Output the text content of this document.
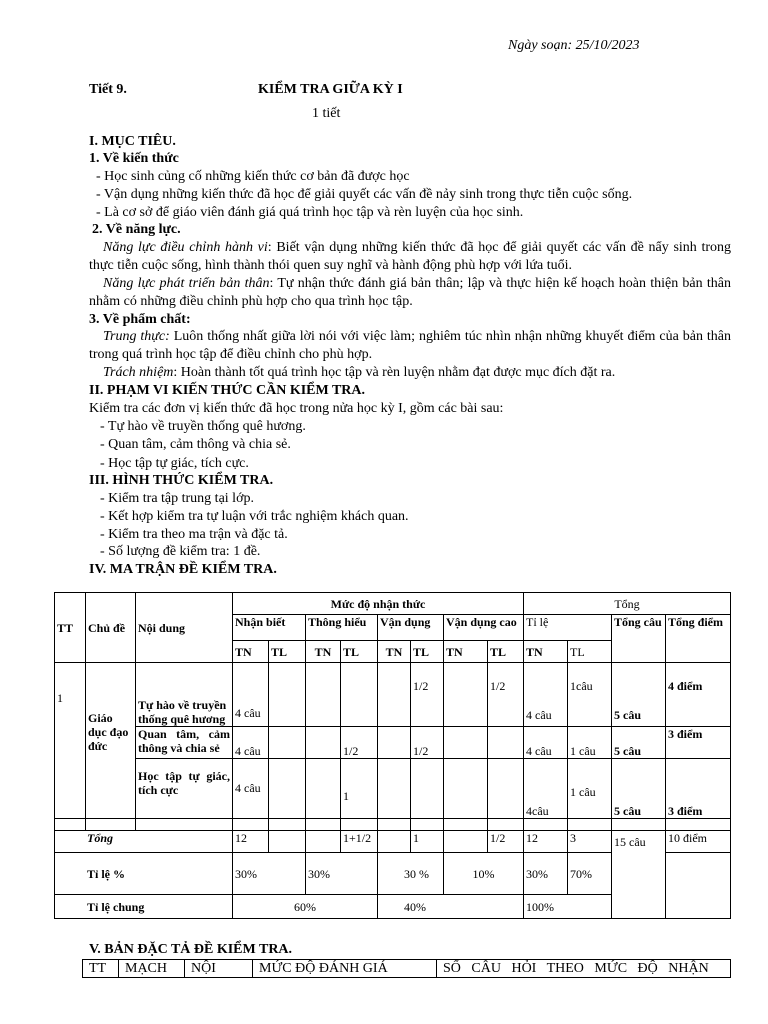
Ngày soạn: 25/10/2023
Tiết 9.	KIỂM TRA GIỮA KỲ I
1 tiết
I. MỤC TIÊU.
1. Về kiến thức
- Học sinh củng cố những kiến thức cơ bản đã được học
- Vận dụng những kiến thức đã học để giải quyết các vấn đề nảy sinh trong thực tiễn cuộc sống.
- Là cơ sở để giáo viên đánh giá quá trình học tập và rèn luyện của học sinh.
2. Về năng lực.
Năng lực điều chỉnh hành vi: Biết vận dụng những kiến thức đã học để giải quyết các vấn đề nẩy sinh trong thực tiễn cuộc sống, hình thành thói quen suy nghĩ và hành động phù hợp với lứa tuổi.
Năng lực phát triển bản thân: Tự nhận thức đánh giá bản thân; lập và thực hiện kế hoạch hoàn thiện bản thân nhằm có những điều chỉnh phù hợp cho qua trình học tập.
3. Về phẩm chất:
Trung thực: Luôn thống nhất giữa lời nói với việc làm; nghiêm túc nhìn nhận những khuyết điểm của bản thân trong quá trình học tập để điều chỉnh cho phù hợp.
Trách nhiệm: Hoàn thành tốt quá trình học tập và rèn luyện nhằm đạt được mục đích đặt ra.
II. PHẠM VI KIẾN THỨC CẦN KIỂM TRA.
Kiểm tra các đơn vị kiến thức đã học trong nửa học kỳ I, gồm các bài sau:
- Tự hào về truyền thống quê hương.
- Quan tâm, cảm thông và chia sẻ.
- Học tập tự giác, tích cực.
III. HÌNH THỨC KIỂM TRA.
- Kiểm tra tập trung tại lớp.
- Kết hợp kiểm tra tự luận với trắc nghiệm khách quan.
- Kiểm tra theo ma trận và đặc tả.
- Số lượng đề kiểm tra: 1 đề.
IV. MA TRẬN ĐỀ KIỂM TRA.
TT	Chủ đề	Nội dung	Mức độ nhận thức								Tổng			
			Nhận biết		Thông hiểu		Vận dụng		Vận dụng cao		Tỉ lệ		Tổng câu	Tổng điểm
			TN	TL	TN	TL	TN	TL	TN	TL	TN	TL		
1	Giáo dục đạo đức	Tự hào về truyền thống quê hương	4 câu					1/2		1/2	4 câu	1câu	5 câu	4 điểm
		Quan tâm, cảm thông và chia sẻ	4 câu			1/2		1/2			4 câu	1 câu	5 câu	3 điểm
		Học tập tự giác, tích cực	4 câu			1					4câu	1 câu	5 câu	3 điểm

Tổng			12			1+1/2		1		1/2	12	3	15 câu	10 điểm
Tỉ lệ %			30%		30%		30 %		10%		30%	70%		
Tỉ lệ chung			60%				40%				100%			
V. BẢN ĐẶC TẢ ĐỀ KIỂM TRA.
TT	MẠCH	NỘI	MỨC ĐỘ ĐÁNH GIÁ	SỐ   CÂU   HỎI   THEO   MỨC   ĐỘ   NHẬN
